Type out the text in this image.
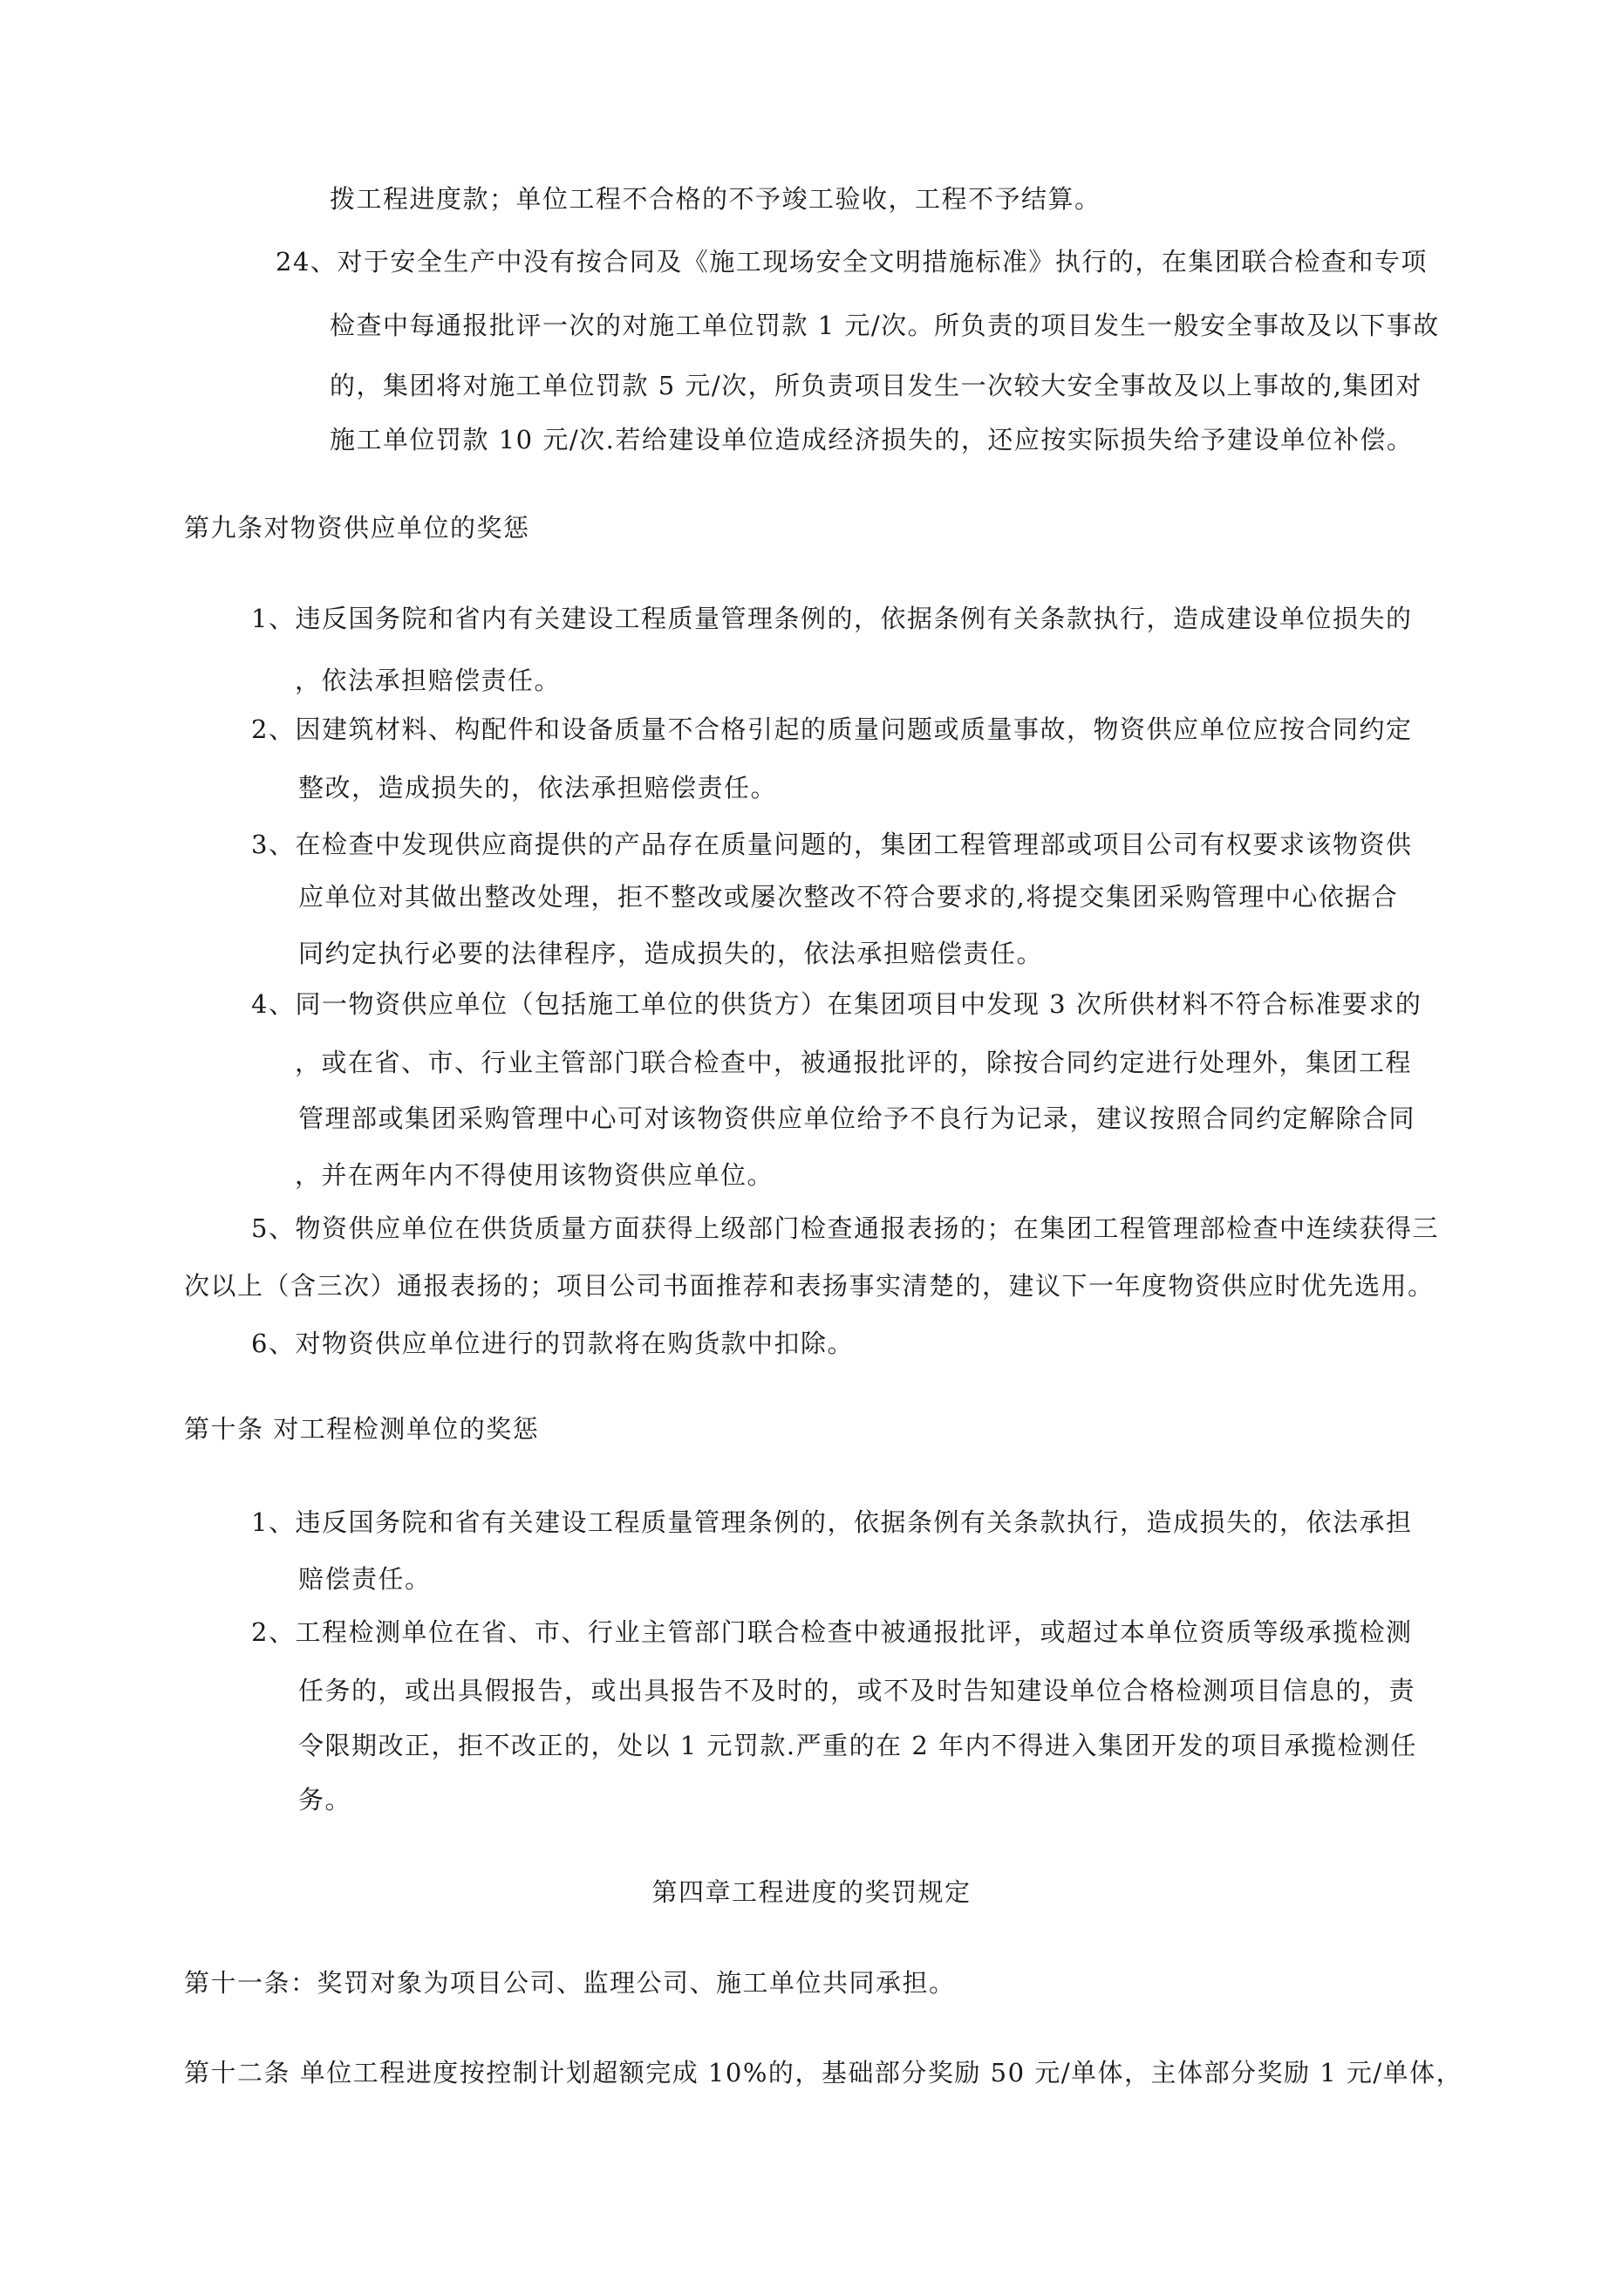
拨工程进度款；单位工程不合格的不予竣工验收，工程不予结算。
24、对于安全生产中没有按合同及《施工现场安全文明措施标准》执行的，在集团联合检查和专项
检查中每通报批评一次的对施工单位罚款 1 元/次。所负责的项目发生一般安全事故及以下事故
的，集团将对施工单位罚款 5 元/次，所负责项目发生一次较大安全事故及以上事故的,集团对
施工单位罚款 10 元/次.若给建设单位造成经济损失的，还应按实际损失给予建设单位补偿。
第九条对物资供应单位的奖惩
1、违反国务院和省内有关建设工程质量管理条例的，依据条例有关条款执行，造成建设单位损失的
，依法承担赔偿责任。
2、因建筑材料、构配件和设备质量不合格引起的质量问题或质量事故，物资供应单位应按合同约定
整改，造成损失的，依法承担赔偿责任。
3、在检查中发现供应商提供的产品存在质量问题的，集团工程管理部或项目公司有权要求该物资供
应单位对其做出整改处理，拒不整改或屡次整改不符合要求的,将提交集团采购管理中心依据合
同约定执行必要的法律程序，造成损失的，依法承担赔偿责任。
4、同一物资供应单位（包括施工单位的供货方）在集团项目中发现 3 次所供材料不符合标准要求的
，或在省、市、行业主管部门联合检查中，被通报批评的，除按合同约定进行处理外，集团工程
管理部或集团采购管理中心可对该物资供应单位给予不良行为记录，建议按照合同约定解除合同
，并在两年内不得使用该物资供应单位。
5、物资供应单位在供货质量方面获得上级部门检查通报表扬的；在集团工程管理部检查中连续获得三
次以上（含三次）通报表扬的；项目公司书面推荐和表扬事实清楚的，建议下一年度物资供应时优先选用。
6、对物资供应单位进行的罚款将在购货款中扣除。
第十条 对工程检测单位的奖惩
1、违反国务院和省有关建设工程质量管理条例的，依据条例有关条款执行，造成损失的，依法承担
赔偿责任。
2、工程检测单位在省、市、行业主管部门联合检查中被通报批评，或超过本单位资质等级承揽检测
任务的，或出具假报告，或出具报告不及时的，或不及时告知建设单位合格检测项目信息的，责
令限期改正，拒不改正的，处以 1 元罚款.严重的在 2 年内不得进入集团开发的项目承揽检测任
务。
第四章工程进度的奖罚规定
第十一条：奖罚对象为项目公司、监理公司、施工单位共同承担。
第十二条 单位工程进度按控制计划超额完成 10%的，基础部分奖励 50 元/单体，主体部分奖励 1 元/单体，
